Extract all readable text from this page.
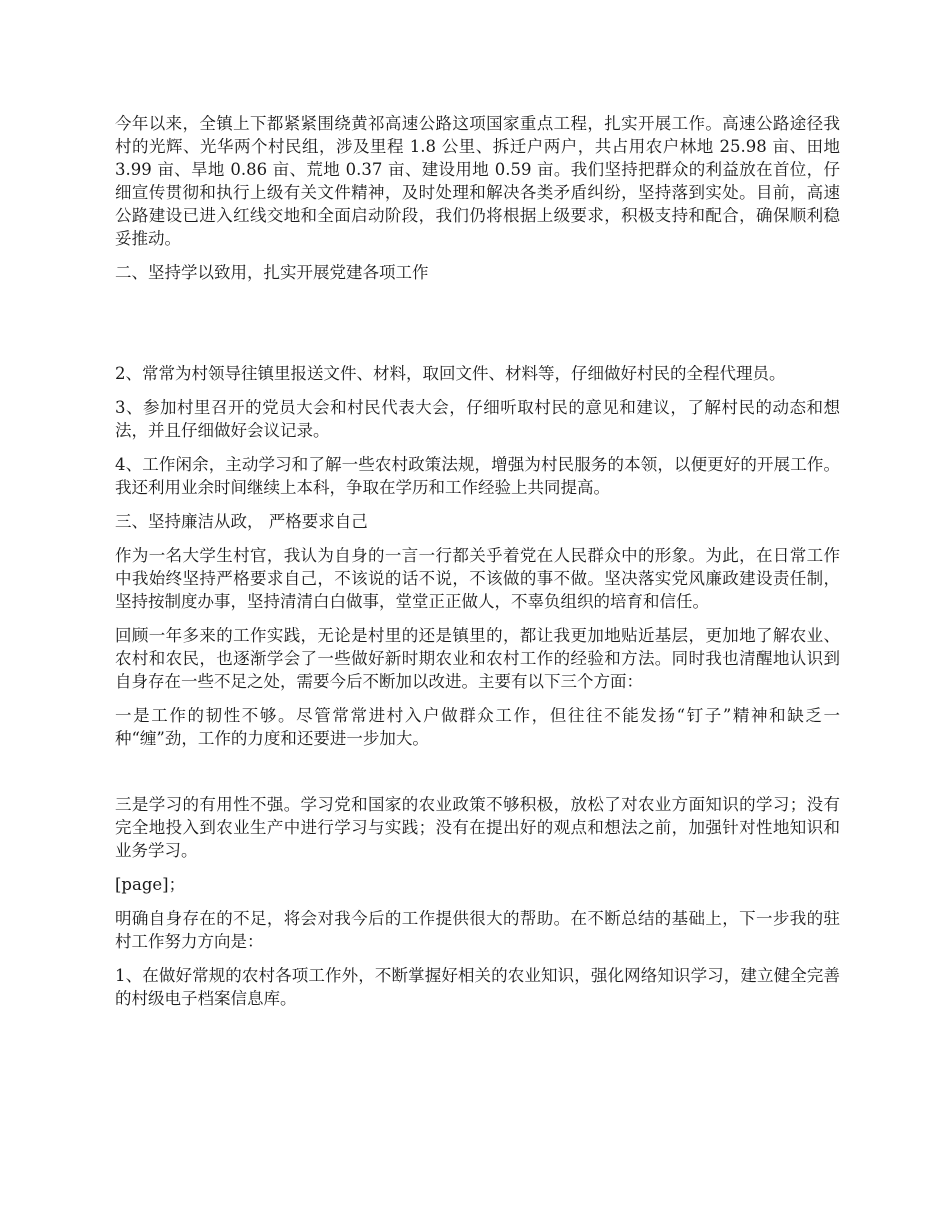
今年以来，全镇上下都紧紧围绕黄祁高速公路这项国家重点工程，扎实开展工作。高速公路途径我村的光辉、光华两个村民组，涉及里程 1.8 公里、拆迁户两户，共占用农户林地 25.98 亩、田地 3.99 亩、旱地 0.86 亩、荒地 0.37 亩、建设用地 0.59 亩。我们坚持把群众的利益放在首位，仔细宣传贯彻和执行上级有关文件精神，及时处理和解决各类矛盾纠纷，坚持落到实处。目前，高速公路建设已进入红线交地和全面启动阶段，我们仍将根据上级要求，积极支持和配合，确保顺利稳妥推动。

二、坚持学以致用，扎实开展党建各项工作

2、常常为村领导往镇里报送文件、材料，取回文件、材料等，仔细做好村民的全程代理员。

3、参加村里召开的党员大会和村民代表大会，仔细听取村民的意见和建议，了解村民的动态和想法，并且仔细做好会议记录。

4、工作闲余，主动学习和了解一些农村政策法规，增强为村民服务的本领，以便更好的开展工作。我还利用业余时间继续上本科，争取在学历和工作经验上共同提高。

三、坚持廉洁从政， 严格要求自己

作为一名大学生村官，我认为自身的一言一行都关乎着党在人民群众中的形象。为此，在日常工作中我始终坚持严格要求自己，不该说的话不说，不该做的事不做。坚决落实党风廉政建设责任制，坚持按制度办事，坚持清清白白做事，堂堂正正做人，不辜负组织的培育和信任。

回顾一年多来的工作实践，无论是村里的还是镇里的，都让我更加地贴近基层，更加地了解农业、农村和农民，也逐渐学会了一些做好新时期农业和农村工作的经验和方法。同时我也清醒地认识到自身存在一些不足之处，需要今后不断加以改进。主要有以下三个方面：

一是工作的韧性不够。尽管常常进村入户做群众工作，但往往不能发扬“钉子”精神和缺乏一种“缠”劲，工作的力度和还要进一步加大。

三是学习的有用性不强。学习党和国家的农业政策不够积极，放松了对农业方面知识的学习；没有完全地投入到农业生产中进行学习与实践；没有在提出好的观点和想法之前，加强针对性地知识和业务学习。

[page]；

明确自身存在的不足，将会对我今后的工作提供很大的帮助。在不断总结的基础上，下一步我的驻村工作努力方向是：

1、在做好常规的农村各项工作外，不断掌握好相关的农业知识，强化网络知识学习，建立健全完善的村级电子档案信息库。
